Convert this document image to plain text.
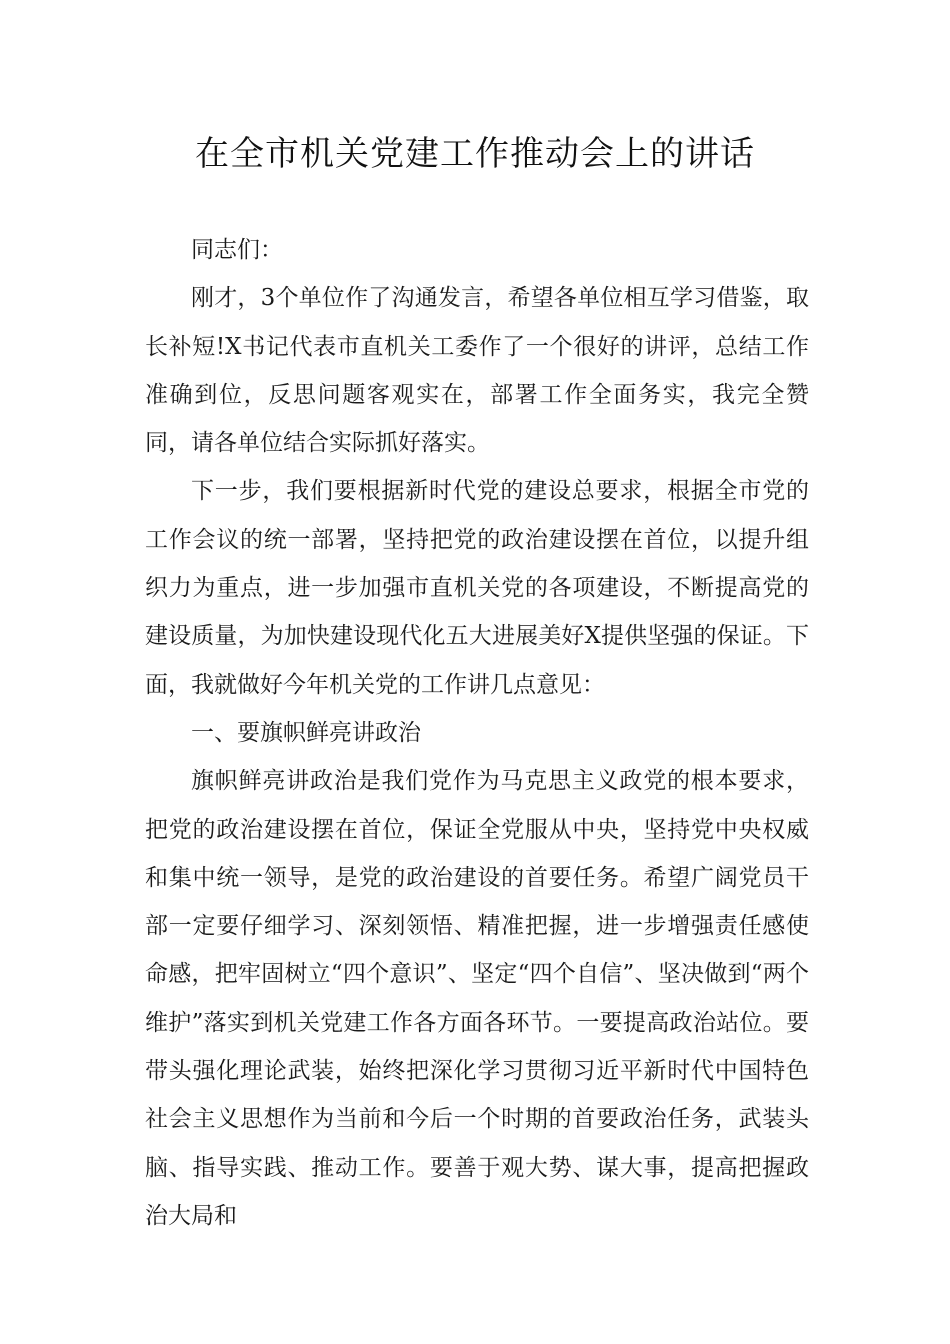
在全市机关党建工作推动会上的讲话

同志们：

刚才，3个单位作了沟通发言，希望各单位相互学习借鉴，取长补短!X书记代表市直机关工委作了一个很好的讲评，总结工作准确到位，反思问题客观实在，部署工作全面务实，我完全赞同，请各单位结合实际抓好落实。

下一步，我们要根据新时代党的建设总要求，根据全市党的工作会议的统一部署，坚持把党的政治建设摆在首位，以提升组织力为重点，进一步加强市直机关党的各项建设，不断提高党的建设质量，为加快建设现代化五大进展美好X提供坚强的保证。下面，我就做好今年机关党的工作讲几点意见：

一、要旗帜鲜亮讲政治

旗帜鲜亮讲政治是我们党作为马克思主义政党的根本要求，把党的政治建设摆在首位，保证全党服从中央，坚持党中央权威和集中统一领导，是党的政治建设的首要任务。希望广阔党员干部一定要仔细学习、深刻领悟、精准把握，进一步增强责任感使命感，把牢固树立“四个意识”、坚定“四个自信”、坚决做到“两个维护”落实到机关党建工作各方面各环节。一要提高政治站位。要带头强化理论武装，始终把深化学习贯彻习近平新时代中国特色社会主义思想作为当前和今后一个时期的首要政治任务，武装头脑、指导实践、推动工作。要善于观大势、谋大事，提高把握政治大局和
